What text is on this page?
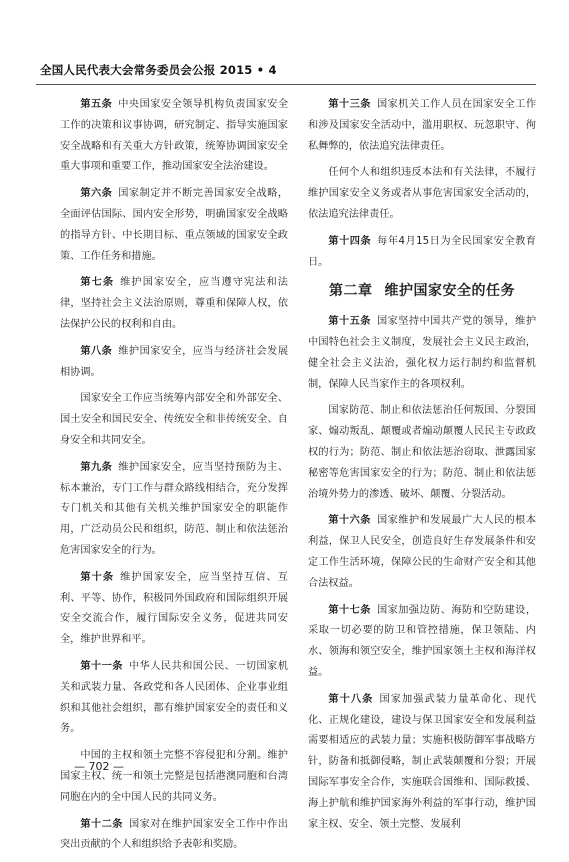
全国人民代表大会常务委员会公报 2015 • 4

第五条 中央国家安全领导机构负责国家安全工作的决策和议事协调，研究制定、指导实施国家安全战略和有关重大方针政策，统筹协调国家安全重大事项和重要工作，推动国家安全法治建设。

第六条 国家制定并不断完善国家安全战略，全面评估国际、国内安全形势，明确国家安全战略的指导方针、中长期目标、重点领域的国家安全政策、工作任务和措施。

第七条 维护国家安全，应当遵守宪法和法律，坚持社会主义法治原则，尊重和保障人权，依法保护公民的权利和自由。

第八条 维护国家安全，应当与经济社会发展相协调。

国家安全工作应当统筹内部安全和外部安全、国土安全和国民安全、传统安全和非传统安全、自身安全和共同安全。

第九条 维护国家安全，应当坚持预防为主、标本兼治，专门工作与群众路线相结合，充分发挥专门机关和其他有关机关维护国家安全的职能作用，广泛动员公民和组织，防范、制止和依法惩治危害国家安全的行为。

第十条 维护国家安全，应当坚持互信、互利、平等、协作，积极同外国政府和国际组织开展安全交流合作，履行国际安全义务，促进共同安全，维护世界和平。

第十一条 中华人民共和国公民、一切国家机关和武装力量、各政党和各人民团体、企业事业组织和其他社会组织，都有维护国家安全的责任和义务。

中国的主权和领土完整不容侵犯和分割。维护国家主权、统一和领土完整是包括港澳同胞和台湾同胞在内的全中国人民的共同义务。

第十二条 国家对在维护国家安全工作中作出突出贡献的个人和组织给予表彰和奖励。

第十三条 国家机关工作人员在国家安全工作和涉及国家安全活动中，滥用职权、玩忽职守、徇私舞弊的，依法追究法律责任。

任何个人和组织违反本法和有关法律，不履行维护国家安全义务或者从事危害国家安全活动的，依法追究法律责任。

第十四条 每年4月15日为全民国家安全教育日。

第二章 维护国家安全的任务

第十五条 国家坚持中国共产党的领导，维护中国特色社会主义制度，发展社会主义民主政治，健全社会主义法治，强化权力运行制约和监督机制，保障人民当家作主的各项权利。

国家防范、制止和依法惩治任何叛国、分裂国家、煽动叛乱、颠覆或者煽动颠覆人民民主专政政权的行为；防范、制止和依法惩治窃取、泄露国家秘密等危害国家安全的行为；防范、制止和依法惩治境外势力的渗透、破坏、颠覆、分裂活动。

第十六条 国家维护和发展最广大人民的根本利益，保卫人民安全，创造良好生存发展条件和安定工作生活环境，保障公民的生命财产安全和其他合法权益。

第十七条 国家加强边防、海防和空防建设，采取一切必要的防卫和管控措施，保卫领陆、内水、领海和领空安全，维护国家领土主权和海洋权益。

第十八条 国家加强武装力量革命化、现代化、正规化建设，建设与保卫国家安全和发展利益需要相适应的武装力量；实施积极防御军事战略方针，防备和抵御侵略，制止武装颠覆和分裂；开展国际军事安全合作，实施联合国维和、国际救援、海上护航和维护国家海外利益的军事行动，维护国家主权、安全、领土完整、发展利

— 702 —
